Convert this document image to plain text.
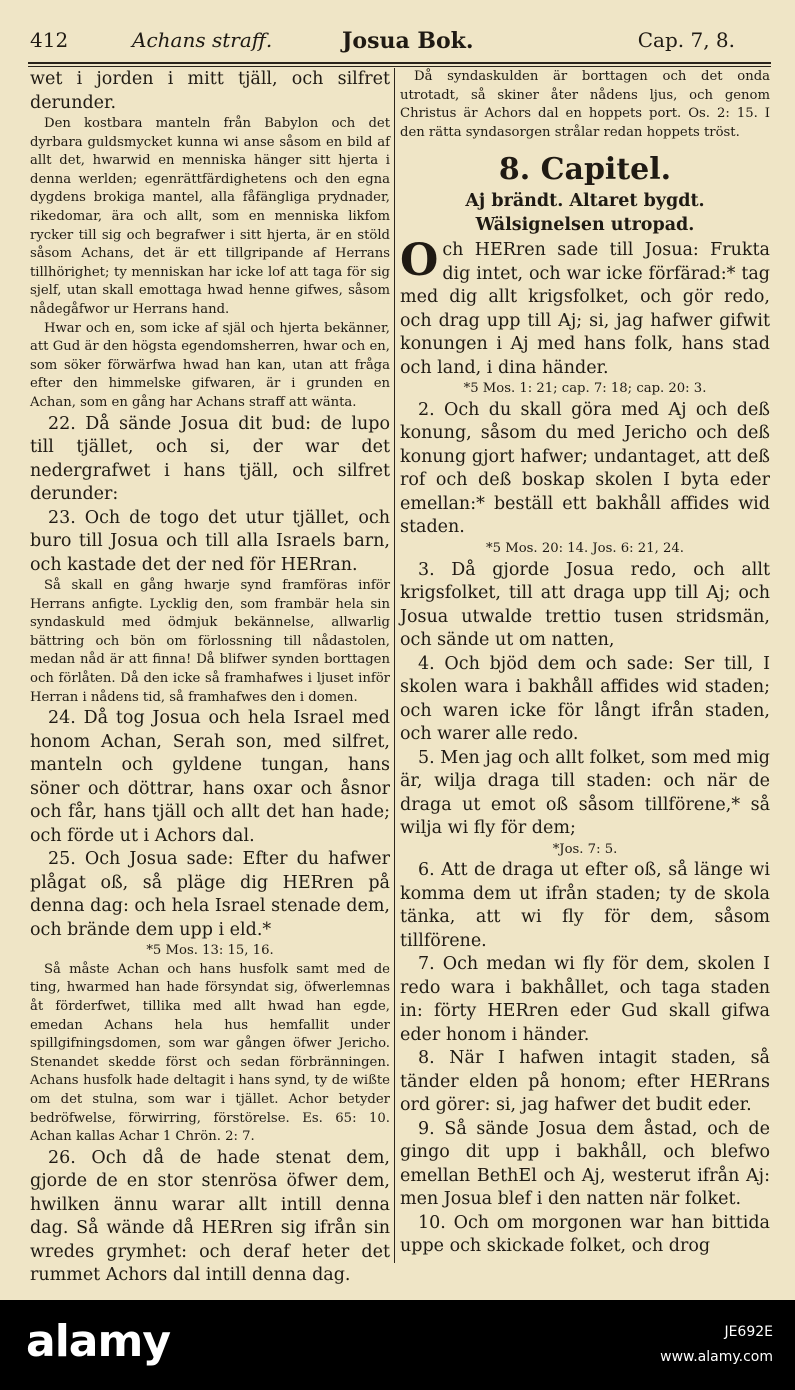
412	Achans straff.	Josua Bok.	Cap. 7, 8.

wet i jorden i mitt tjäll, och silfret derunder.

Den kostbara manteln från Babylon och det dyrbara guldsmycket kunna wi anse såsom en bild af allt det, hwarwid en menniska hänger sitt hjerta i denna werlden; egenrättfärdighetens och den egna dygdens brokiga mantel, alla fåfängliga prydnader, rikedomar, ära och allt, som en menniska likfom rycker till sig och begrafwer i sitt hjerta, är en stöld såsom Achans, det är ett tillgripande af Herrans tillhörighet; ty menniskan har icke lof att taga för sig sjelf, utan skall emottaga hwad henne gifwes, såsom nådegåfwor ur Herrans hand.

Hwar och en, som icke af själ och hjerta bekänner, att Gud är den högsta egendomsherren, hwar och en, som söker förwärfwa hwad han kan, utan att fråga efter den himmelske gifwaren, är i grunden en Achan, som en gång har Achans straff att wänta.

22. Då sände Josua dit bud: de lupo till tjället, och si, der war det nedergrafwet i hans tjäll, och silfret derunder:

23. Och de togo det utur tjället, och buro till Josua och till alla Israels barn, och kastade det der ned för HERran.

Så skall en gång hwarje synd framföras inför Herrans anfigte. Lycklig den, som frambär hela sin syndaskuld med ödmjuk bekännelse, allwarlig bättring och bön om förlossning till nådastolen, medan nåd är att finna! Då blifwer synden borttagen och förlåten. Då den icke så framhafwes i ljuset inför Herran i nådens tid, så framhafwes den i domen.

24. Då tog Josua och hela Israel med honom Achan, Serah son, med silfret, manteln och gyldene tungan, hans söner och döttrar, hans oxar och åsnor och får, hans tjäll och allt det han hade; och förde ut i Achors dal.

25. Och Josua sade: Efter du hafwer plågat oß, så pläge dig HERren på denna dag: och hela Israel stenade dem, och brände dem upp i eld.*

*5 Mos. 13: 15, 16.

Så måste Achan och hans husfolk samt med de ting, hwarmed han hade försyndat sig, öfwerlemnas åt förderfwet, tillika med allt hwad han egde, emedan Achans hela hus hemfallit under spillgifningsdomen, som war gången öfwer Jericho. Stenandet skedde först och sedan förbränningen. Achans husfolk hade deltagit i hans synd, ty de wißte om det stulna, som war i tjället. Achor betyder bedröfwelse, förwirring, förstörelse. Es. 65: 10. Achan kallas Achar 1 Chrön. 2: 7.

26. Och då de hade stenat dem, gjorde de en stor stenrösa öfwer dem, hwilken ännu warar allt intill denna dag. Så wände då HERren sig ifrån sin wredes grymhet: och deraf heter det rummet Achors dal intill denna dag.

Då syndaskulden är borttagen och det onda utrotadt, så skiner åter nådens ljus, och genom Christus är Achors dal en hoppets port. Os. 2: 15. I den rätta syndasorgen strålar redan hoppets tröst.

8. Capitel.
Aj brändt. Altaret bygdt. Wälsignelsen utropad.

Och HERren sade till Josua: Frukta dig intet, och war icke förfärad:* tag med dig allt krigsfolket, och gör redo, och drag upp till Aj; si, jag hafwer gifwit konungen i Aj med hans folk, hans stad och land, i dina händer.

*5 Mos. 1: 21; cap. 7: 18; cap. 20: 3.

2. Och du skall göra med Aj och deß konung, såsom du med Jericho och deß konung gjort hafwer; undantaget, att deß rof och deß boskap skolen I byta eder emellan:* beställ ett bakhåll affides wid staden.

*5 Mos. 20: 14. Jos. 6: 21, 24.

3. Då gjorde Josua redo, och allt krigsfolket, till att draga upp till Aj; och Josua utwalde trettio tusen stridsmän, och sände ut om natten,

4. Och bjöd dem och sade: Ser till, I skolen wara i bakhåll affides wid staden; och waren icke för långt ifrån staden, och warer alle redo.

5. Men jag och allt folket, som med mig är, wilja draga till staden: och när de draga ut emot oß såsom tillförene,* så wilja wi fly för dem;

*Jos. 7: 5.

6. Att de draga ut efter oß, så länge wi komma dem ut ifrån staden; ty de skola tänka, att wi fly för dem, såsom tillförene.

7. Och medan wi fly för dem, skolen I redo wara i bakhållet, och taga staden in: förty HERren eder Gud skall gifwa eder honom i händer.

8. När I hafwen intagit staden, så tänder elden på honom; efter HERrans ord görer: si, jag hafwer det budit eder.

9. Så sände Josua dem åstad, och de gingo dit upp i bakhåll, och blefwo emellan BethEl och Aj, westerut ifrån Aj: men Josua blef i den natten när folket.

10. Och om morgonen war han bittida uppe och skickade folket, och drog

alamy	JE692E
www.alamy.com
